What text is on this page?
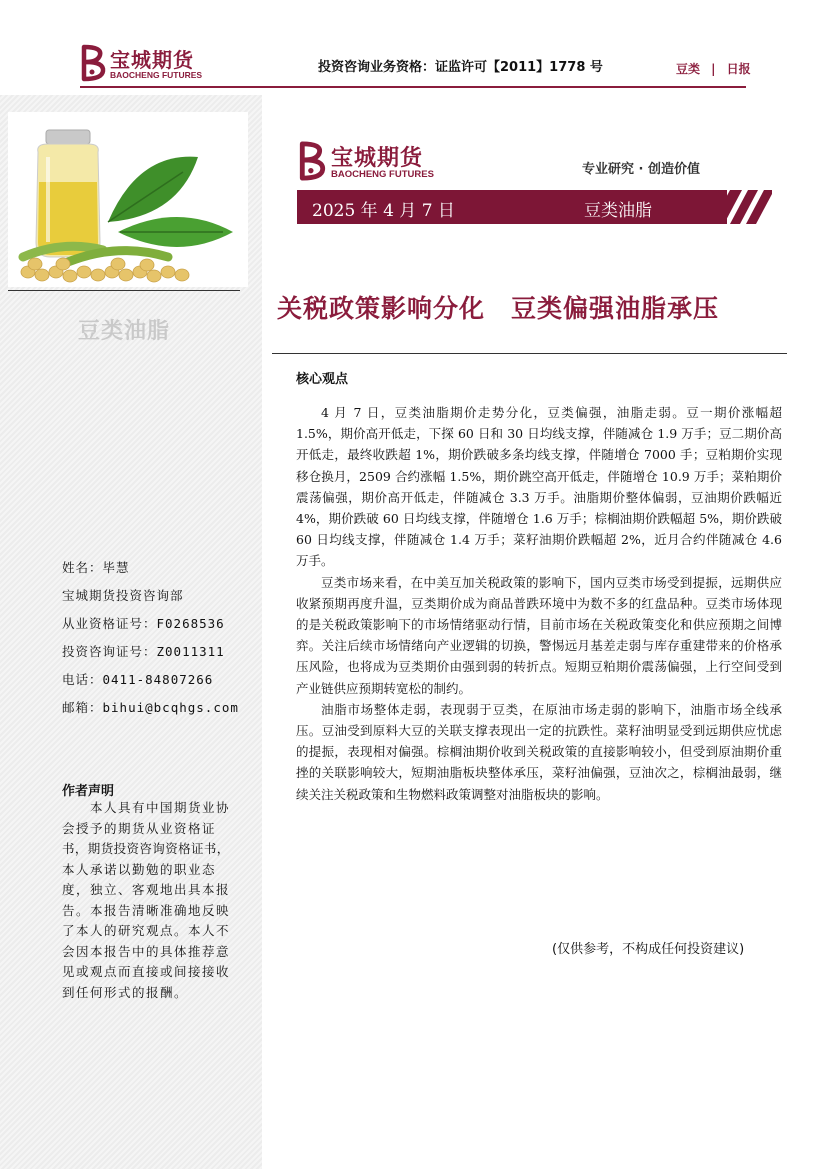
宝城期货
BAOCHENG FUTURES	投资咨询业务资格：证监许可【2011】1778 号	豆类 | 日报
豆类油脂
姓名：毕慧
宝城期货投资咨询部
从业资格证号：F0268536
投资咨询证号：Z0011311
电话：0411-84807266
邮箱：bihui@bcqhgs.com
作者声明
　　本人具有中国期货业协
会授予的期货从业资格证
书，期货投资咨询资格证书，
本人承诺以勤勉的职业态
度，独立、客观地出具本报
告。本报告清晰准确地反映
了本人的研究观点。本人不
会因本报告中的具体推荐意
见或观点而直接或间接接收
到任何形式的报酬。
宝城期货
BAOCHENG FUTURES	专业研究 · 创造价值
2025 年 4 月 7 日	豆类油脂
关税政策影响分化　豆类偏强油脂承压
核心观点

4 月 7 日，豆类油脂期价走势分化，豆类偏强，油脂走弱。豆一期价涨幅超 1.5%，期价高开低走，下探 60 日和 30 日均线支撑，伴随减仓 1.9 万手；豆二期价高开低走，最终收跌超 1%，期价跌破多条均线支撑，伴随增仓 7000 手；豆粕期价实现移仓换月，2509 合约涨幅 1.5%，期价跳空高开低走，伴随增仓 10.9 万手；菜粕期价震荡偏强，期价高开低走，伴随减仓 3.3 万手。油脂期价整体偏弱，豆油期价跌幅近 4%，期价跌破 60 日均线支撑，伴随增仓 1.6 万手；棕榈油期价跌幅超 5%，期价跌破 60 日均线支撑，伴随减仓 1.4 万手；菜籽油期价跌幅超 2%，近月合约伴随减仓 4.6 万手。

豆类市场来看，在中美互加关税政策的影响下，国内豆类市场受到提振，远期供应收紧预期再度升温，豆类期价成为商品普跌环境中为数不多的红盘品种。豆类市场体现的是关税政策影响下的市场情绪驱动行情，目前市场在关税政策变化和供应预期之间博弈。关注后续市场情绪向产业逻辑的切换，警惕远月基差走弱与库存重建带来的价格承压风险，也将成为豆类期价由强到弱的转折点。短期豆粕期价震荡偏强，上行空间受到产业链供应预期转宽松的制约。

油脂市场整体走弱，表现弱于豆类，在原油市场走弱的影响下，油脂市场全线承压。豆油受到原料大豆的关联支撑表现出一定的抗跌性。菜籽油明显受到远期供应忧虑的提振，表现相对偏强。棕榈油期价收到关税政策的直接影响较小，但受到原油期价重挫的关联影响较大，短期油脂板块整体承压，菜籽油偏强，豆油次之，棕榈油最弱，继续关注关税政策和生物燃料政策调整对油脂板块的影响。

(仅供参考，不构成任何投资建议)
